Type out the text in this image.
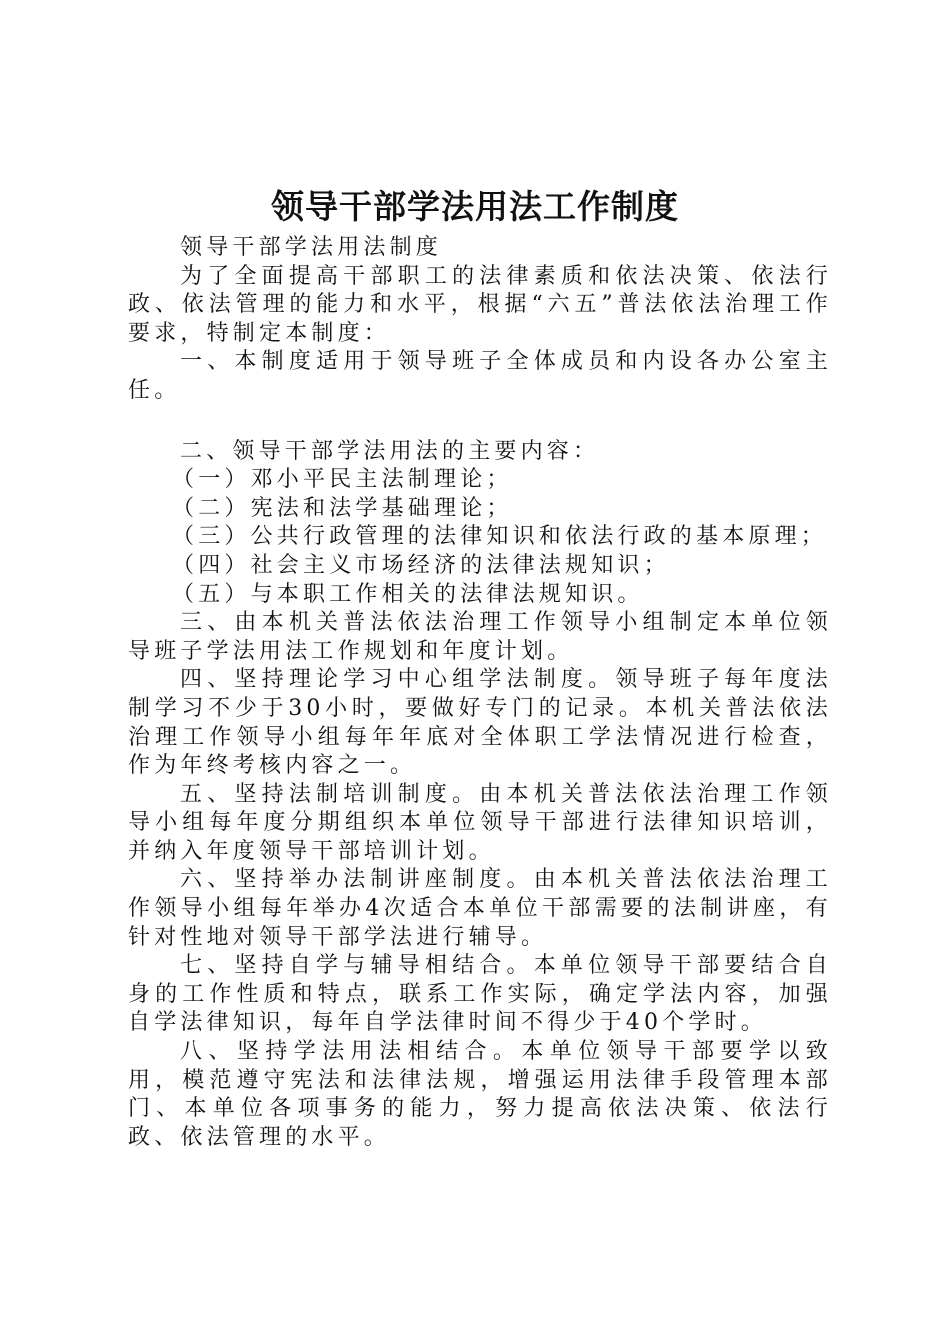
领导干部学法用法工作制度

领导干部学法用法制度

为了全面提高干部职工的法律素质和依法决策、依法行政、依法管理的能力和水平，根据“六五”普法依法治理工作要求，特制定本制度：

一、本制度适用于领导班子全体成员和内设各办公室主任。

二、领导干部学法用法的主要内容：

（一）邓小平民主法制理论；

（二）宪法和法学基础理论；

（三）公共行政管理的法律知识和依法行政的基本原理；

（四）社会主义市场经济的法律法规知识；

（五）与本职工作相关的法律法规知识。

三、由本机关普法依法治理工作领导小组制定本单位领导班子学法用法工作规划和年度计划。

四、坚持理论学习中心组学法制度。领导班子每年度法制学习不少于30小时，要做好专门的记录。本机关普法依法治理工作领导小组每年年底对全体职工学法情况进行检查，作为年终考核内容之一。

五、坚持法制培训制度。由本机关普法依法治理工作领导小组每年度分期组织本单位领导干部进行法律知识培训，并纳入年度领导干部培训计划。

六、坚持举办法制讲座制度。由本机关普法依法治理工作领导小组每年举办4次适合本单位干部需要的法制讲座，有针对性地对领导干部学法进行辅导。

七、坚持自学与辅导相结合。本单位领导干部要结合自身的工作性质和特点，联系工作实际，确定学法内容，加强自学法律知识，每年自学法律时间不得少于40个学时。

八、坚持学法用法相结合。本单位领导干部要学以致用，模范遵守宪法和法律法规，增强运用法律手段管理本部门、本单位各项事务的能力，努力提高依法决策、依法行政、依法管理的水平。
